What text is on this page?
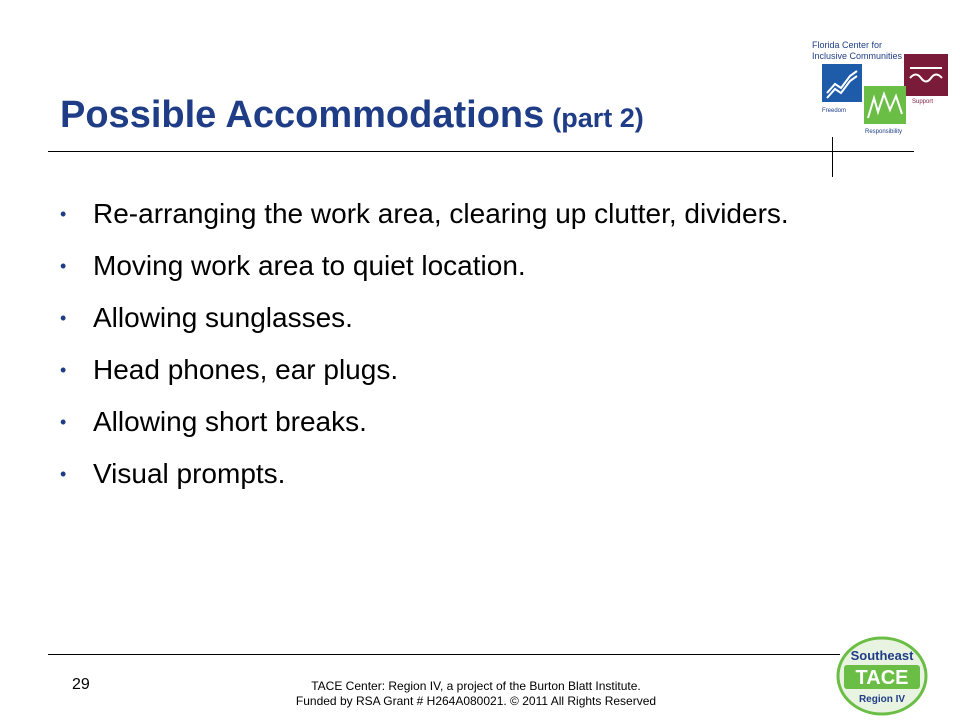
Possible Accommodations (part 2)
Florida Center for
Inclusive Communities
Freedom
Support
Responsibility
• Re-arranging the work area, clearing up clutter, dividers.
• Moving work area to quiet location.
• Allowing sunglasses.
• Head phones, ear plugs.
• Allowing short breaks.
• Visual prompts.
29	TACE Center: Region IV, a project of the Burton Blatt Institute.
Funded by RSA Grant # H264A080021. © 2011 All Rights Reserved
Southeast
TACE
Region IV
